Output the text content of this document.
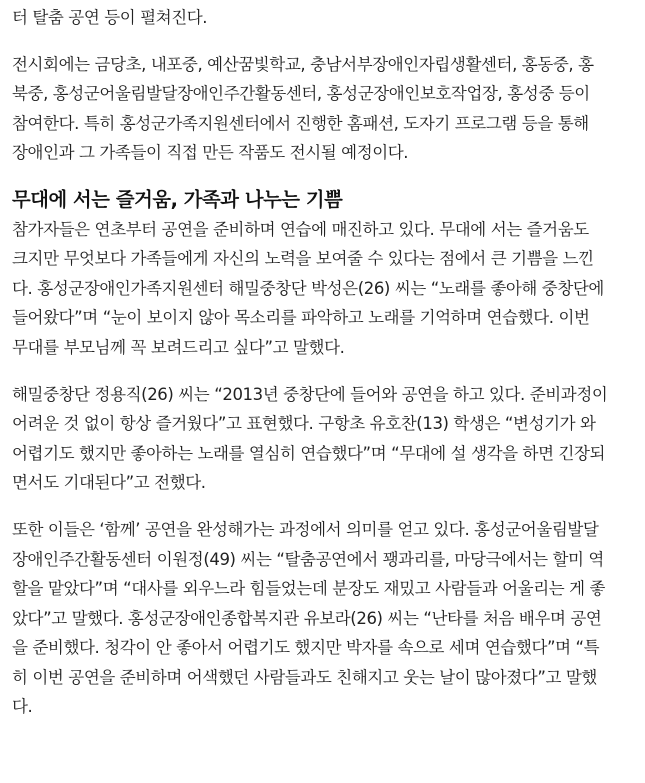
터 탈춤 공연 등이 펼쳐진다.

전시회에는 금당초, 내포중, 예산꿈빛학교, 충남서부장애인자립생활센터, 홍동중, 홍
북중, 홍성군어울림발달장애인주간활동센터, 홍성군장애인보호작업장, 홍성중 등이
참여한다. 특히 홍성군가족지원센터에서 진행한 홈패션, 도자기 프로그램 등을 통해
장애인과 그 가족들이 직접 만든 작품도 전시될 예정이다.

무대에 서는 즐거움, 가족과 나누는 기쁨

참가자들은 연초부터 공연을 준비하며 연습에 매진하고 있다. 무대에 서는 즐거움도
크지만 무엇보다 가족들에게 자신의 노력을 보여줄 수 있다는 점에서 큰 기쁨을 느낀
다. 홍성군장애인가족지원센터 해밀중창단 박성은(26) 씨는 “노래를 좋아해 중창단에
들어왔다”며 “눈이 보이지 않아 목소리를 파악하고 노래를 기억하며 연습했다. 이번
무대를 부모님께 꼭 보려드리고 싶다”고 말했다.

해밀중창단 정용직(26) 씨는 “2013년 중창단에 들어와 공연을 하고 있다. 준비과정이
어려운 것 없이 항상 즐거웠다”고 표현했다. 구항초 유호찬(13) 학생은 “변성기가 와
어렵기도 했지만 좋아하는 노래를 열심히 연습했다”며 “무대에 설 생각을 하면 긴장되
면서도 기대된다”고 전했다.

또한 이들은 ‘함께’ 공연을 완성해가는 과정에서 의미를 얻고 있다. 홍성군어울림발달
장애인주간활동센터 이원정(49) 씨는 “탈춤공연에서 꽹과리를, 마당극에서는 할미 역
할을 맡았다”며 “대사를 외우느라 힘들었는데 분장도 재밌고 사람들과 어울리는 게 좋
았다”고 말했다. 홍성군장애인종합복지관 유보라(26) 씨는 “난타를 처음 배우며 공연
을 준비했다. 청각이 안 좋아서 어렵기도 했지만 박자를 속으로 세며 연습했다”며 “특
히 이번 공연을 준비하며 어색했던 사람들과도 친해지고 웃는 날이 많아졌다”고 말했
다.
